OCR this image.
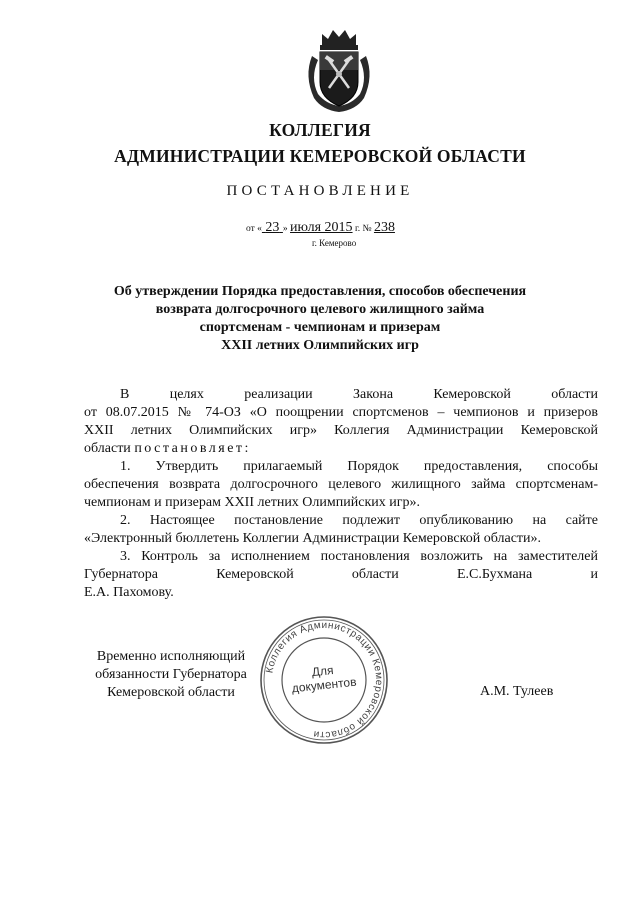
КОЛЛЕГИЯ
АДМИНИСТРАЦИИ КЕМЕРОВСКОЙ ОБЛАСТИ
ПОСТАНОВЛЕНИЕ
от « 23 » июля 2015 г. № 238
г. Кемерово
Об утверждении Порядка предоставления, способов обеспечения
возврата долгосрочного целевого жилищного займа
спортсменам - чемпионам и призерам
XXII летних Олимпийских игр
В целях реализации Закона Кемеровской области
от 08.07.2015 № 74-ОЗ «О поощрении спортсменов – чемпионов и призеров
XXII летних Олимпийских игр» Коллегия Администрации Кемеровской
области постановляет:
1. Утвердить прилагаемый Порядок предоставления, способы
обеспечения возврата долгосрочного целевого жилищного займа спортсменам-
чемпионам и призерам XXII летних Олимпийских игр».
2. Настоящее постановление подлежит опубликованию на сайте
«Электронный бюллетень Коллегии Администрации Кемеровской области».
3. Контроль за исполнением постановления возложить на заместителей
Губернатора Кемеровской области Е.С.Бухмана и
Е.А. Пахомову.
Временно исполняющий
обязанности Губернатора
Кемеровской области	А.М. Тулеев
Коллегия Администрации Кемеровской области
Для
документов
